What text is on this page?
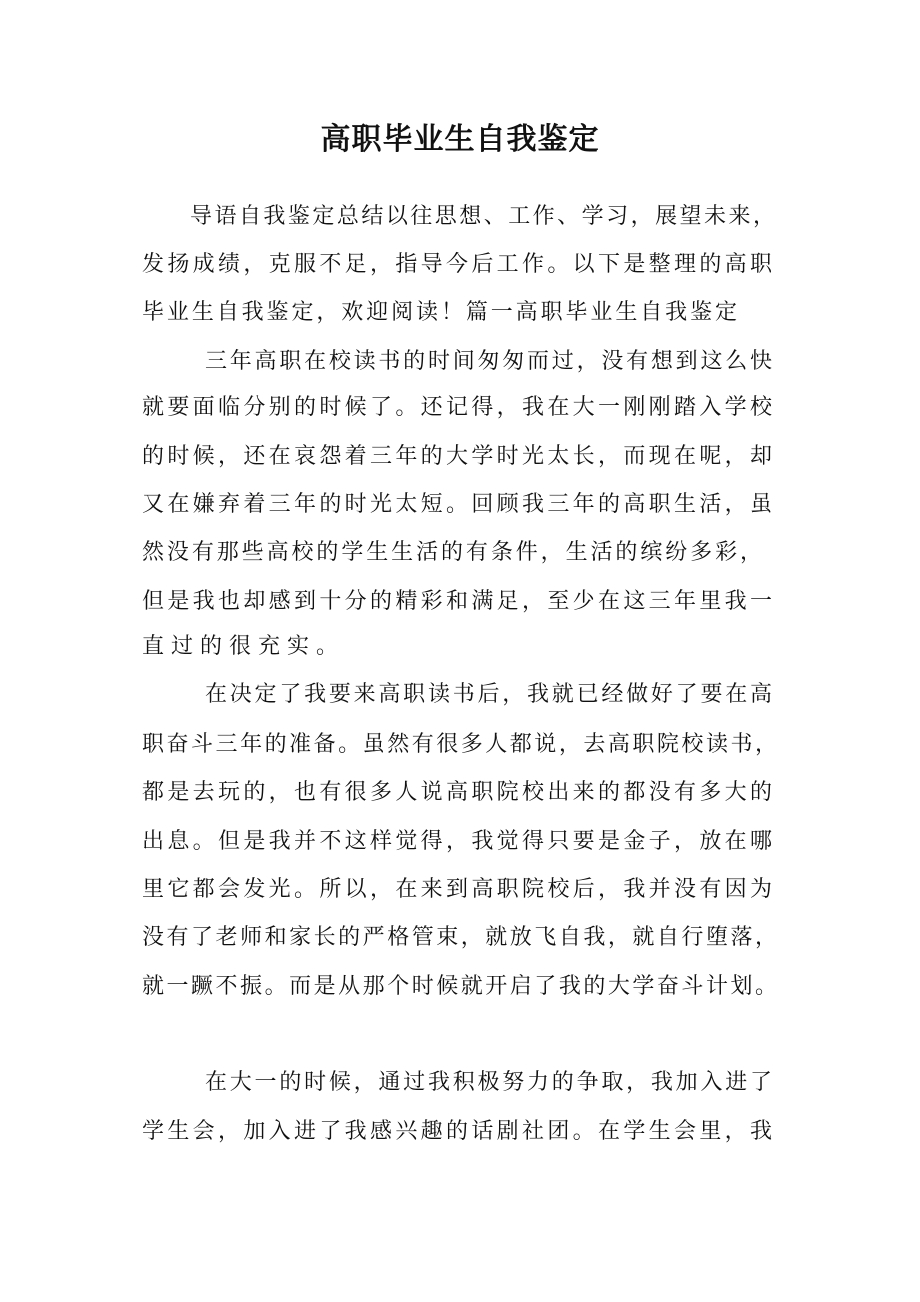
高职毕业生自我鉴定
导语自我鉴定总结以往思想、工作、学习，展望未来，
发扬成绩，克服不足，指导今后工作。以下是整理的高职
毕业生自我鉴定，欢迎阅读！篇一高职毕业生自我鉴定
三年高职在校读书的时间匆匆而过，没有想到这么快
就要面临分别的时候了。还记得，我在大一刚刚踏入学校
的时候，还在哀怨着三年的大学时光太长，而现在呢，却
又在嫌弃着三年的时光太短。回顾我三年的高职生活，虽
然没有那些高校的学生生活的有条件，生活的缤纷多彩，
但是我也却感到十分的精彩和满足，至少在这三年里我一
直过的很充实。
在决定了我要来高职读书后，我就已经做好了要在高
职奋斗三年的准备。虽然有很多人都说，去高职院校读书，
都是去玩的，也有很多人说高职院校出来的都没有多大的
出息。但是我并不这样觉得，我觉得只要是金子，放在哪
里它都会发光。所以，在来到高职院校后，我并没有因为
没有了老师和家长的严格管束，就放飞自我，就自行堕落，
就一蹶不振。而是从那个时候就开启了我的大学奋斗计划。
在大一的时候，通过我积极努力的争取，我加入进了
学生会，加入进了我感兴趣的话剧社团。在学生会里，我
